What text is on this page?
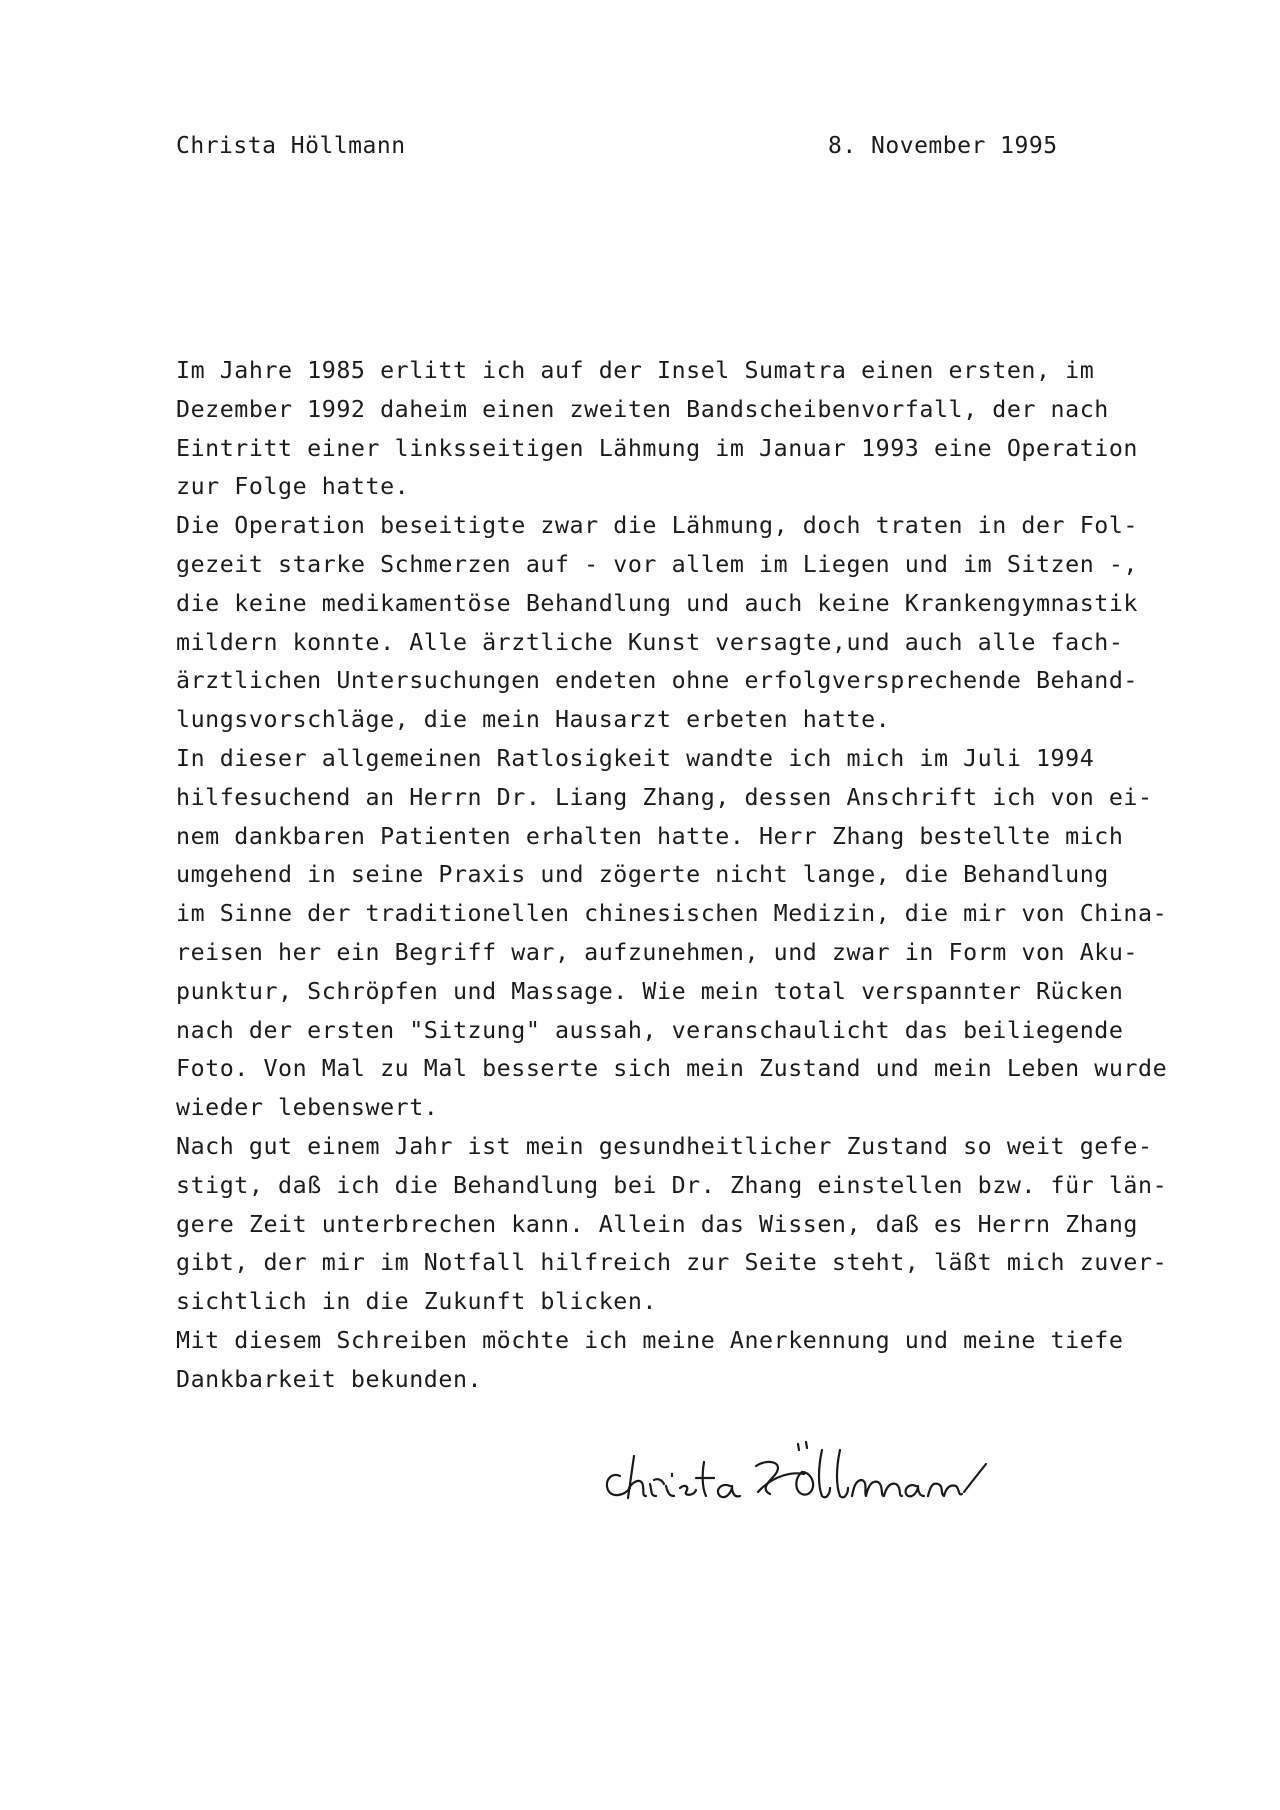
Christa Höllmann	8. November 1995
Im Jahre 1985 erlitt ich auf der Insel Sumatra einen ersten, im
Dezember 1992 daheim einen zweiten Bandscheibenvorfall, der nach
Eintritt einer linksseitigen Lähmung im Januar 1993 eine Operation
zur Folge hatte.
Die Operation beseitigte zwar die Lähmung, doch traten in der Fol-
gezeit starke Schmerzen auf - vor allem im Liegen und im Sitzen -,
die keine medikamentöse Behandlung und auch keine Krankengymnastik
mildern konnte. Alle ärztliche Kunst versagte,und auch alle fach-
ärztlichen Untersuchungen endeten ohne erfolgversprechende Behand-
lungsvorschläge, die mein Hausarzt erbeten hatte.
In dieser allgemeinen Ratlosigkeit wandte ich mich im Juli 1994
hilfesuchend an Herrn Dr. Liang Zhang, dessen Anschrift ich von ei-
nem dankbaren Patienten erhalten hatte. Herr Zhang bestellte mich
umgehend in seine Praxis und zögerte nicht lange, die Behandlung
im Sinne der traditionellen chinesischen Medizin, die mir von China-
reisen her ein Begriff war, aufzunehmen, und zwar in Form von Aku-
punktur, Schröpfen und Massage. Wie mein total verspannter Rücken
nach der ersten "Sitzung" aussah, veranschaulicht das beiliegende
Foto. Von Mal zu Mal besserte sich mein Zustand und mein Leben wurde
wieder lebenswert.
Nach gut einem Jahr ist mein gesundheitlicher Zustand so weit gefe-
stigt, daß ich die Behandlung bei Dr. Zhang einstellen bzw. für län-
gere Zeit unterbrechen kann. Allein das Wissen, daß es Herrn Zhang
gibt, der mir im Notfall hilfreich zur Seite steht, läßt mich zuver-
sichtlich in die Zukunft blicken.
Mit diesem Schreiben möchte ich meine Anerkennung und meine tiefe
Dankbarkeit bekunden.
